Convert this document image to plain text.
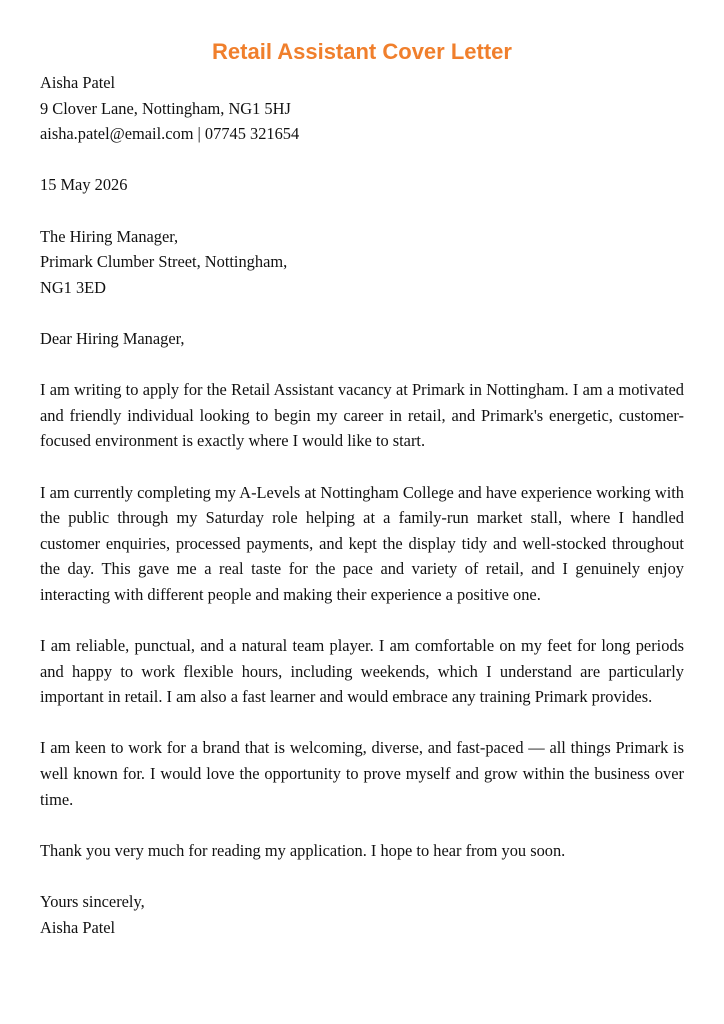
Retail Assistant Cover Letter
Aisha Patel
9 Clover Lane, Nottingham, NG1 5HJ
aisha.patel@email.com | 07745 321654
15 May 2026
The Hiring Manager,
Primark Clumber Street, Nottingham,
NG1 3ED
Dear Hiring Manager,

I am writing to apply for the Retail Assistant vacancy at Primark in Nottingham. I am a motivated and friendly individual looking to begin my career in retail, and Primark's energetic, customer-focused environment is exactly where I would like to start.

I am currently completing my A-Levels at Nottingham College and have experience working with the public through my Saturday role helping at a family-run market stall, where I handled customer enquiries, processed payments, and kept the display tidy and well-stocked throughout the day. This gave me a real taste for the pace and variety of retail, and I genuinely enjoy interacting with different people and making their experience a positive one.

I am reliable, punctual, and a natural team player. I am comfortable on my feet for long periods and happy to work flexible hours, including weekends, which I understand are particularly important in retail. I am also a fast learner and would embrace any training Primark provides.

I am keen to work for a brand that is welcoming, diverse, and fast-paced — all things Primark is well known for. I would love the opportunity to prove myself and grow within the business over time.

Thank you very much for reading my application. I hope to hear from you soon.

Yours sincerely,
Aisha Patel
